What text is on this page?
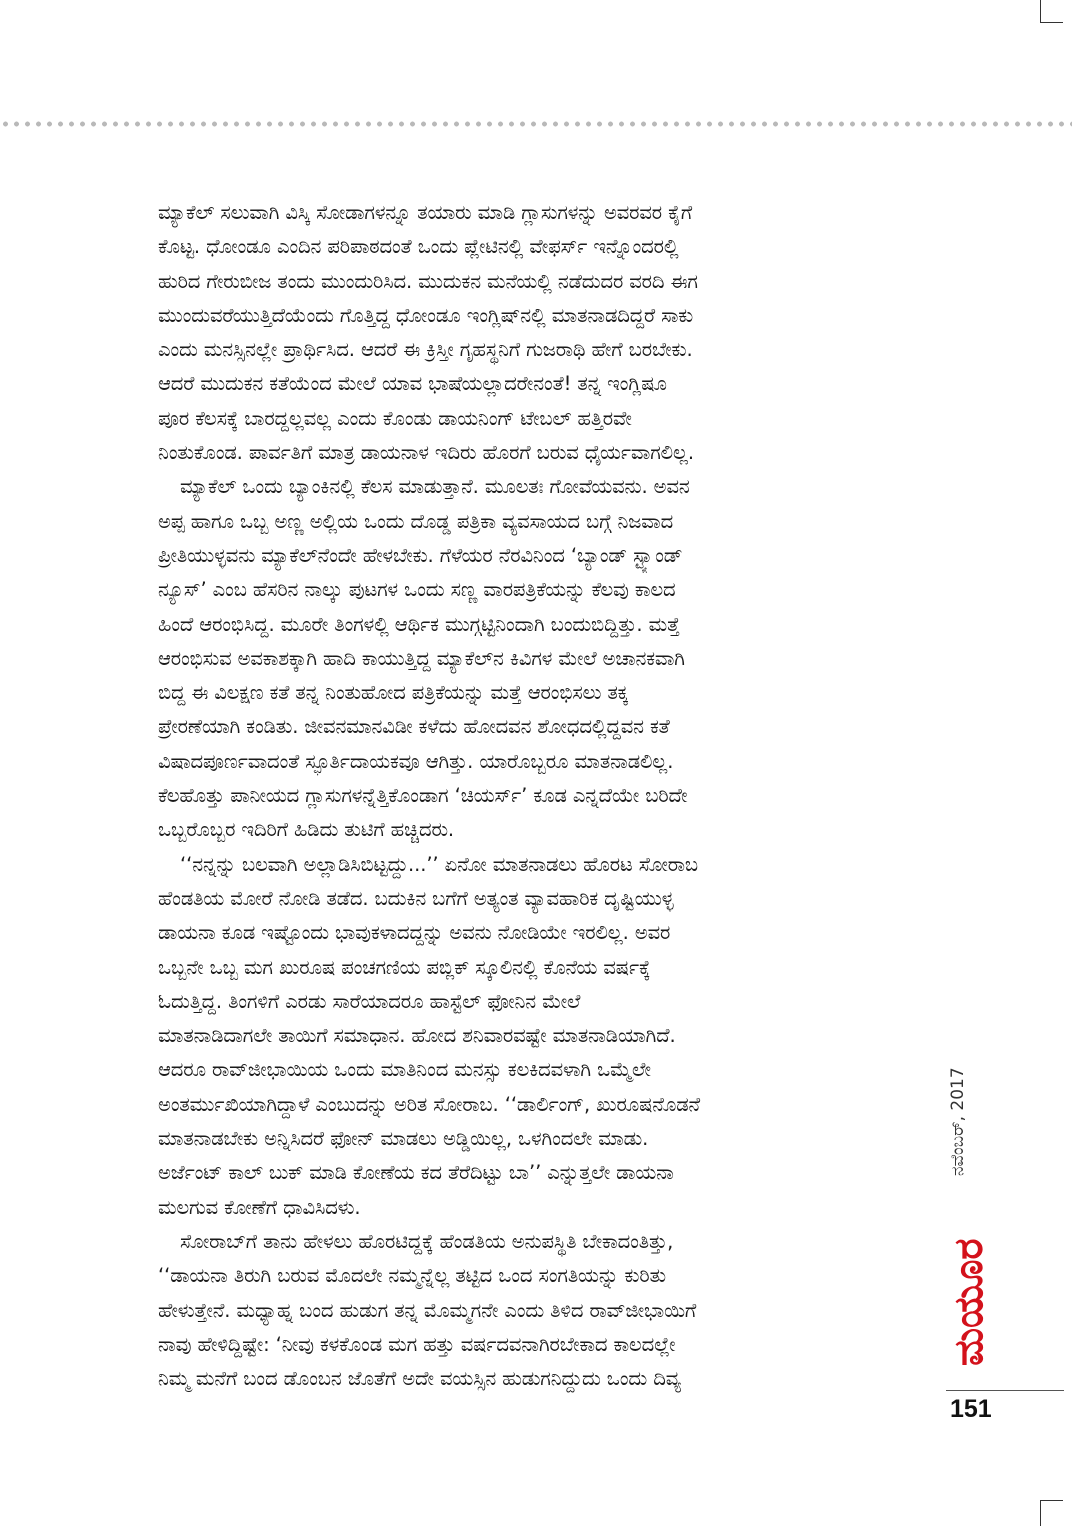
ಮ್ಯಾಕೆಲ್ ಸಲುವಾಗಿ ವಿಸ್ಕಿ ಸೋಡಾಗಳನ್ನೂ ತಯಾರು ಮಾಡಿ ಗ್ಲಾಸುಗಳನ್ನು ಅವರವರ ಕೈಗೆ
ಕೊಟ್ಟ. ಧೋಂಡೂ ಎಂದಿನ ಪರಿಪಾಠದಂತೆ ಒಂದು ಪ್ಲೇಟಿನಲ್ಲಿ ವೇಫರ್ಸ್ ಇನ್ನೊಂದರಲ್ಲಿ
ಹುರಿದ ಗೇರುಬೀಜ ತಂದು ಮುಂದುರಿಸಿದ. ಮುದುಕನ ಮನೆಯಲ್ಲಿ ನಡೆದುದರ ವರದಿ ಈಗ
ಮುಂದುವರೆಯುತ್ತಿದೆಯೆಂದು ಗೊತ್ತಿದ್ದ ಧೋಂಡೂ ಇಂಗ್ಲಿಷ್‌ನಲ್ಲಿ ಮಾತನಾಡದಿದ್ದರೆ ಸಾಕು
ಎಂದು ಮನಸ್ಸಿನಲ್ಲೇ ಪ್ರಾರ್ಥಿಸಿದ. ಆದರೆ ಈ ಕ್ರಿಸ್ತೀ ಗೃಹಸ್ಥನಿಗೆ ಗುಜರಾಥಿ ಹೇಗೆ ಬರಬೇಕು.
ಆದರೆ ಮುದುಕನ ಕತೆಯೆಂದ ಮೇಲೆ ಯಾವ ಭಾಷೆಯಲ್ಲಾದರೇನಂತೆ! ತನ್ನ ಇಂಗ್ಲಿಷೂ
ಪೂರ ಕೆಲಸಕ್ಕೆ ಬಾರದ್ದಲ್ಲವಲ್ಲ ಎಂದು ಕೊಂಡು ಡಾಯನಿಂಗ್ ಟೇಬಲ್ ಹತ್ತಿರವೇ
ನಿಂತುಕೊಂಡ. ಪಾರ್ವತಿಗೆ ಮಾತ್ರ ಡಾಯನಾಳ ಇದಿರು ಹೊರಗೆ ಬರುವ ಧೈರ್ಯವಾಗಲಿಲ್ಲ.
ಮ್ಯಾಕೆಲ್ ಒಂದು ಬ್ಯಾಂಕಿನಲ್ಲಿ ಕೆಲಸ ಮಾಡುತ್ತಾನೆ. ಮೂಲತಃ ಗೋವೆಯವನು. ಅವನ
ಅಪ್ಪ ಹಾಗೂ ಒಬ್ಬ ಅಣ್ಣ ಅಲ್ಲಿಯ ಒಂದು ದೊಡ್ಡ ಪತ್ರಿಕಾ ವ್ಯವಸಾಯದ ಬಗ್ಗೆ ನಿಜವಾದ
ಪ್ರೀತಿಯುಳ್ಳವನು ಮ್ಯಾಕೆಲ್‌ನೆಂದೇ ಹೇಳಬೇಕು. ಗೆಳೆಯರ ನೆರವಿನಿಂದ ‘ಬ್ಯಾಂಡ್ ಸ್ಟ್ಯಾಂಡ್
ನ್ಯೂಸ್’ ಎಂಬ ಹೆಸರಿನ ನಾಲ್ಕು ಪುಟಗಳ ಒಂದು ಸಣ್ಣ ವಾರಪತ್ರಿಕೆಯನ್ನು ಕೆಲವು ಕಾಲದ
ಹಿಂದೆ ಆರಂಭಿಸಿದ್ದ. ಮೂರೇ ತಿಂಗಳಲ್ಲಿ ಆರ್ಥಿಕ ಮುಗ್ಗಟ್ಟಿನಿಂದಾಗಿ ಬಂದುಬಿದ್ದಿತ್ತು. ಮತ್ತೆ
ಆರಂಭಿಸುವ ಅವಕಾಶಕ್ಕಾಗಿ ಹಾದಿ ಕಾಯುತ್ತಿದ್ದ ಮ್ಯಾಕೆಲ್‌ನ ಕಿವಿಗಳ ಮೇಲೆ ಅಚಾನಕವಾಗಿ
ಬಿದ್ದ ಈ ವಿಲಕ್ಷಣ ಕತೆ ತನ್ನ ನಿಂತುಹೋದ ಪತ್ರಿಕೆಯನ್ನು ಮತ್ತೆ ಆರಂಭಿಸಲು ತಕ್ಕ
ಪ್ರೇರಣೆಯಾಗಿ ಕಂಡಿತು. ಜೀವನಮಾನವಿಡೀ ಕಳೆದು ಹೋದವನ ಶೋಧದಲ್ಲಿದ್ದವನ ಕತೆ
ವಿಷಾದಪೂರ್ಣವಾದಂತೆ ಸ್ಫೂರ್ತಿದಾಯಕವೂ ಆಗಿತ್ತು. ಯಾರೊಬ್ಬರೂ ಮಾತನಾಡಲಿಲ್ಲ.
ಕೆಲಹೊತ್ತು ಪಾನೀಯದ ಗ್ಲಾಸುಗಳನ್ನೆತ್ತಿಕೊಂಡಾಗ ‘ಚಿಯರ್ಸ್’ ಕೂಡ ಎನ್ನದೆಯೇ ಬರಿದೇ
ಒಬ್ಬರೊಬ್ಬರ ಇದಿರಿಗೆ ಹಿಡಿದು ತುಟಿಗೆ ಹಚ್ಚಿದರು.
‘‘ನನ್ನನ್ನು ಬಲವಾಗಿ ಅಲ್ಲಾಡಿಸಿಬಿಟ್ಟದ್ದು...’’ ಏನೋ ಮಾತನಾಡಲು ಹೊರಟ ಸೋರಾಬ
ಹೆಂಡತಿಯ ಮೋರೆ ನೋಡಿ ತಡೆದ. ಬದುಕಿನ ಬಗೆಗೆ ಅತ್ಯಂತ ವ್ಯಾವಹಾರಿಕ ದೃಷ್ಟಿಯುಳ್ಳ
ಡಾಯನಾ ಕೂಡ ಇಷ್ಟೊಂದು ಭಾವುಕಳಾದದ್ದನ್ನು ಅವನು ನೋಡಿಯೇ ಇರಲಿಲ್ಲ. ಅವರ
ಒಬ್ಬನೇ ಒಬ್ಬ ಮಗ ಖುರೂಷ ಪಂಚಗಣಿಯ ಪಬ್ಲಿಕ್ ಸ್ಕೂಲಿನಲ್ಲಿ ಕೊನೆಯ ವರ್ಷಕ್ಕೆ
ಓದುತ್ತಿದ್ದ. ತಿಂಗಳಿಗೆ ಎರಡು ಸಾರೆಯಾದರೂ ಹಾಸ್ಟೆಲ್ ಫೋನಿನ ಮೇಲೆ
ಮಾತನಾಡಿದಾಗಲೇ ತಾಯಿಗೆ ಸಮಾಧಾನ. ಹೋದ ಶನಿವಾರವಷ್ಟೇ ಮಾತನಾಡಿಯಾಗಿದೆ.
ಆದರೂ ರಾವ್‌ಜೀಭಾಯಿಯ ಒಂದು ಮಾತಿನಿಂದ ಮನಸ್ಸು ಕಲಕಿದವಳಾಗಿ ಒಮ್ಮೆಲೇ
ಅಂತರ್ಮುಖಿಯಾಗಿದ್ದಾಳೆ ಎಂಬುದನ್ನು ಅರಿತ ಸೋರಾಬ. ‘‘ಡಾರ್ಲಿಂಗ್, ಖುರೂಷನೊಡನೆ
ಮಾತನಾಡಬೇಕು ಅನ್ನಿಸಿದರೆ ಫೋನ್ ಮಾಡಲು ಅಡ್ಡಿಯಿಲ್ಲ, ಒಳಗಿಂದಲೇ ಮಾಡು.
ಅರ್ಜೆಂಟ್ ಕಾಲ್ ಬುಕ್ ಮಾಡಿ ಕೋಣೆಯ ಕದ ತೆರೆದಿಟ್ಟು ಬಾ’’ ಎನ್ನುತ್ತಲೇ ಡಾಯನಾ
ಮಲಗುವ ಕೋಣೆಗೆ ಧಾವಿಸಿದಳು.
ಸೋರಾಬ್‌ಗೆ ತಾನು ಹೇಳಲು ಹೊರಟಿದ್ದಕ್ಕೆ ಹೆಂಡತಿಯ ಅನುಪಸ್ಥಿತಿ ಬೇಕಾದಂತಿತ್ತು,
‘‘ಡಾಯನಾ ತಿರುಗಿ ಬರುವ ಮೊದಲೇ ನಮ್ಮನ್ನೆಲ್ಲ ತಟ್ಟಿದ ಒಂದ ಸಂಗತಿಯನ್ನು ಕುರಿತು
ಹೇಳುತ್ತೇನೆ. ಮಧ್ಯಾಹ್ನ ಬಂದ ಹುಡುಗ ತನ್ನ ಮೊಮ್ಮಗನೇ ಎಂದು ತಿಳಿದ ರಾವ್‌ಜೀಭಾಯಿಗೆ
ನಾವು ಹೇಳಿದ್ದಿಷ್ಟೇ: ‘ನೀವು ಕಳಕೊಂಡ ಮಗ ಹತ್ತು ವರ್ಷದವನಾಗಿರಬೇಕಾದ ಕಾಲದಲ್ಲೇ
ನಿಮ್ಮ ಮನೆಗೆ ಬಂದ ಡೊಂಬನ ಜೊತೆಗೆ ಅದೇ ವಯಸ್ಸಿನ ಹುಡುಗನಿದ್ದುದು ಒಂದು ದಿವ್ಯ
ನವೆಂಬರ್, 2017
ಮಯೂರ
151
